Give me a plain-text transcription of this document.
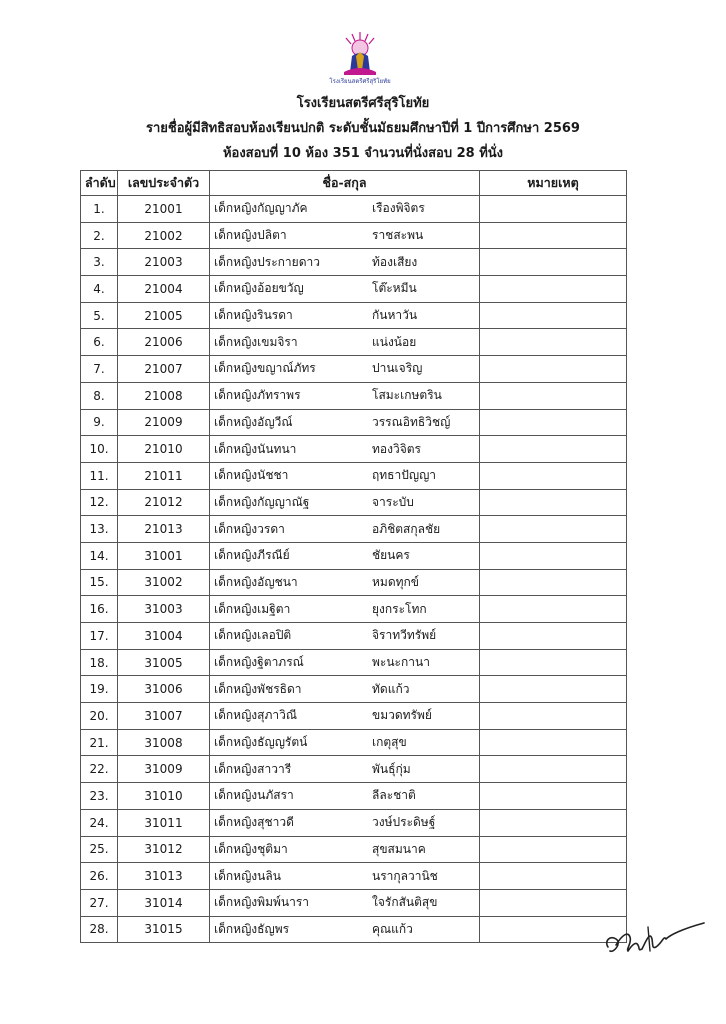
โรงเรียนสตรีศรีสุริโยทัย
โรงเรียนสตรีศรีสุริโยทัย
รายชื่อผู้มีสิทธิสอบห้องเรียนปกติ ระดับชั้นมัธยมศึกษาปีที่ 1 ปีการศึกษา 2569
ห้องสอบที่ 10 ห้อง 351 จำนวนที่นั่งสอบ 28 ที่นั่ง
ลำดับ	เลขประจำตัว	ชื่อ-สกุล	หมายเหตุ
1.	21001	เด็กหญิงกัญญาภัค เรืองพิจิตร	
2.	21002	เด็กหญิงปลิตา ราชสะพน	
3.	21003	เด็กหญิงประกายดาว ท้องเสียง	
4.	21004	เด็กหญิงอ้อยขวัญ โต๊ะหมีน	
5.	21005	เด็กหญิงรินรดา กันหาวัน	
6.	21006	เด็กหญิงเขมจิรา แน่งน้อย	
7.	21007	เด็กหญิงขญาณ์ภัทร ปานเจริญ	
8.	21008	เด็กหญิงภัทราพร โสมะเกษตริน	
9.	21009	เด็กหญิงอัญวีณ์ วรรณอิทธิวิชญ์	
10.	21010	เด็กหญิงนันทนา ทองวิจิตร	
11.	21011	เด็กหญิงนัชชา ฤทธาปัญญา	
12.	21012	เด็กหญิงกัญญาณัฐ จาระบับ	
13.	21013	เด็กหญิงวรดา อภิชิตสกุลชัย	
14.	31001	เด็กหญิงภีรณีย์ ชัยนคร	
15.	31002	เด็กหญิงอัญชนา หมดทุกข์	
16.	31003	เด็กหญิงเมฐิตา ยุงกระโทก	
17.	31004	เด็กหญิงเลอปิติ จิราทวีทรัพย์	
18.	31005	เด็กหญิงฐิตาภรณ์ พะนะกานา	
19.	31006	เด็กหญิงพัชรธิดา ทัดแก้ว	
20.	31007	เด็กหญิงสุภาวิณี ขมวดทรัพย์	
21.	31008	เด็กหญิงธัญญรัตน์ เกตุสุข	
22.	31009	เด็กหญิงสาวารี พันธุ์กุ่ม	
23.	31010	เด็กหญิงนภัสรา ลีละชาติ	
24.	31011	เด็กหญิงสุชาวดี วงษ์ประดิษฐ์	
25.	31012	เด็กหญิงชุติมา สุขสมนาค	
26.	31013	เด็กหญิงนลิน นรากุลวานิช	
27.	31014	เด็กหญิงพิมพ์นารา ใจรักสันติสุข	
28.	31015	เด็กหญิงธัญพร คุณแก้ว	
